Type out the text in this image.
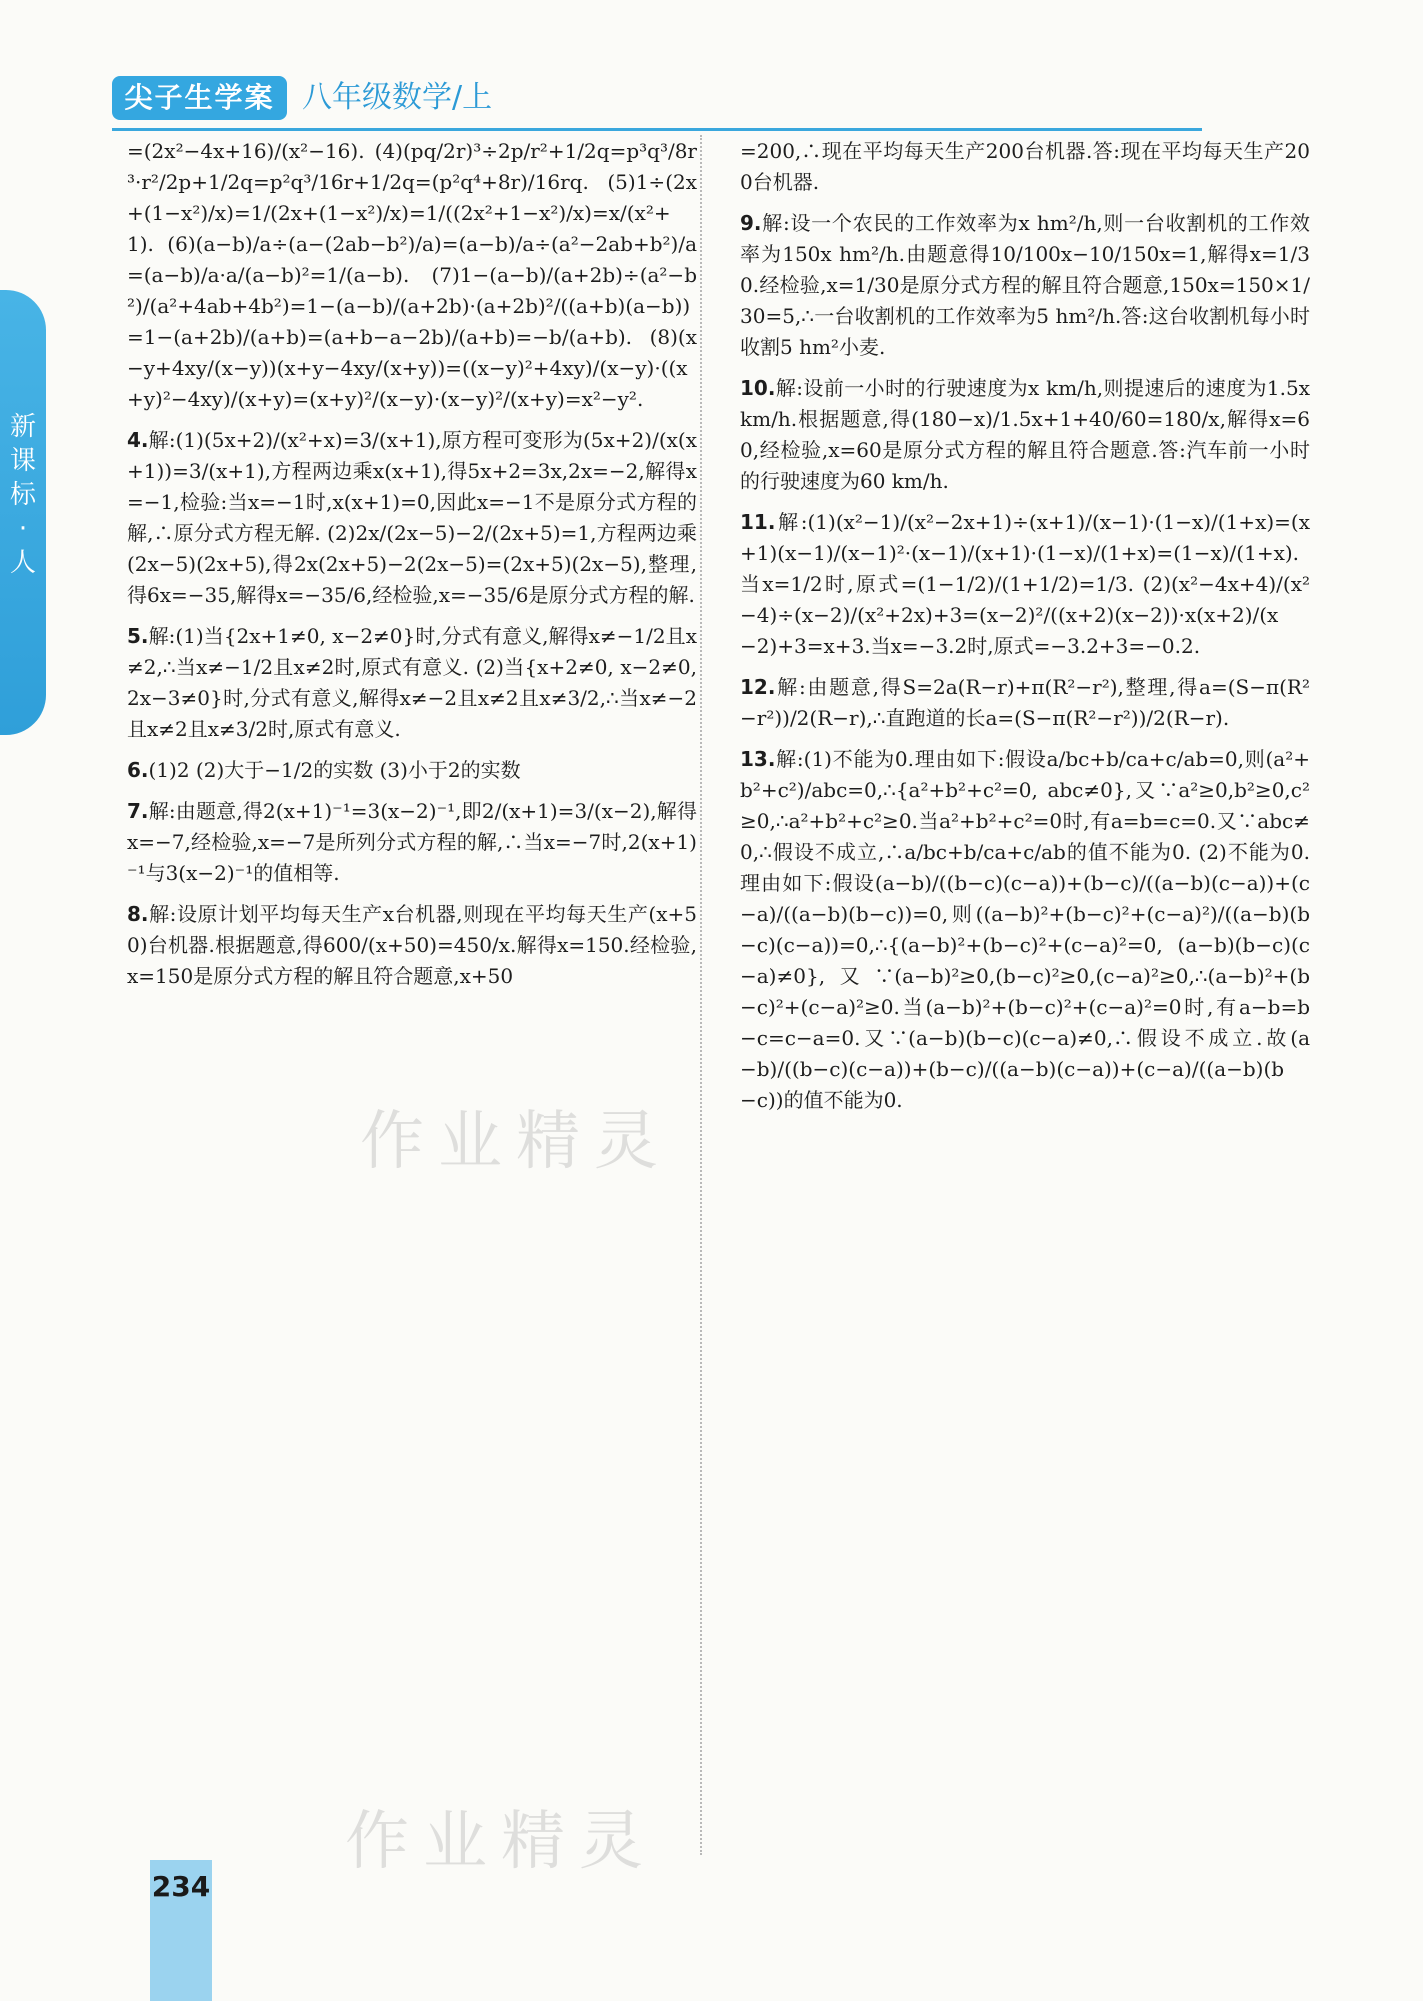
新课标·人
尖子生学案 八年级数学/上

=(2x²−4x+16)/(x²−16). (4)(pq/2r)³÷2p/r²+1/2q=p³q³/8r³·r²/2p+1/2q=p²q³/16r+1/2q=(p²q⁴+8r)/16rq. (5)1÷(2x+(1−x²)/x)=1/(2x+(1−x²)/x)=1/((2x²+1−x²)/x)=x/(x²+1). (6)(a−b)/a÷(a−(2ab−b²)/a)=(a−b)/a÷(a²−2ab+b²)/a=(a−b)/a·a/(a−b)²=1/(a−b). (7)1−(a−b)/(a+2b)÷(a²−b²)/(a²+4ab+4b²)=1−(a−b)/(a+2b)·(a+2b)²/((a+b)(a−b))=1−(a+2b)/(a+b)=(a+b−a−2b)/(a+b)=−b/(a+b). (8)(x−y+4xy/(x−y))(x+y−4xy/(x+y))=((x−y)²+4xy)/(x−y)·((x+y)²−4xy)/(x+y)=(x+y)²/(x−y)·(x−y)²/(x+y)=x²−y².

4.解:(1)(5x+2)/(x²+x)=3/(x+1),原方程可变形为(5x+2)/(x(x+1))=3/(x+1),方程两边乘x(x+1),得5x+2=3x,2x=−2,解得x=−1,检验:当x=−1时,x(x+1)=0,因此x=−1不是原分式方程的解,∴原分式方程无解. (2)2x/(2x−5)−2/(2x+5)=1,方程两边乘(2x−5)(2x+5),得2x(2x+5)−2(2x−5)=(2x+5)(2x−5),整理,得6x=−35,解得x=−35/6,经检验,x=−35/6是原分式方程的解.

5.解:(1)当{2x+1≠0, x−2≠0}时,分式有意义,解得x≠−1/2且x≠2,∴当x≠−1/2且x≠2时,原式有意义. (2)当{x+2≠0, x−2≠0, 2x−3≠0}时,分式有意义,解得x≠−2且x≠2且x≠3/2,∴当x≠−2且x≠2且x≠3/2时,原式有意义.

6.(1)2 (2)大于−1/2的实数 (3)小于2的实数

7.解:由题意,得2(x+1)⁻¹=3(x−2)⁻¹,即2/(x+1)=3/(x−2),解得x=−7,经检验,x=−7是所列分式方程的解,∴当x=−7时,2(x+1)⁻¹与3(x−2)⁻¹的值相等.

8.解:设原计划平均每天生产x台机器,则现在平均每天生产(x+50)台机器.根据题意,得600/(x+50)=450/x.解得x=150.经检验,x=150是原分式方程的解且符合题意,x+50

=200,∴现在平均每天生产200台机器.答:现在平均每天生产200台机器.

9.解:设一个农民的工作效率为x hm²/h,则一台收割机的工作效率为150x hm²/h.由题意得10/100x−10/150x=1,解得x=1/30.经检验,x=1/30是原分式方程的解且符合题意,150x=150×1/30=5,∴一台收割机的工作效率为5 hm²/h.答:这台收割机每小时收割5 hm²小麦.

10.解:设前一小时的行驶速度为x km/h,则提速后的速度为1.5x km/h.根据题意,得(180−x)/1.5x+1+40/60=180/x,解得x=60,经检验,x=60是原分式方程的解且符合题意.答:汽车前一小时的行驶速度为60 km/h.

11.解:(1)(x²−1)/(x²−2x+1)÷(x+1)/(x−1)·(1−x)/(1+x)=(x+1)(x−1)/(x−1)²·(x−1)/(x+1)·(1−x)/(1+x)=(1−x)/(1+x).当x=1/2时,原式=(1−1/2)/(1+1/2)=1/3. (2)(x²−4x+4)/(x²−4)÷(x−2)/(x²+2x)+3=(x−2)²/((x+2)(x−2))·x(x+2)/(x−2)+3=x+3.当x=−3.2时,原式=−3.2+3=−0.2.

12.解:由题意,得S=2a(R−r)+π(R²−r²),整理,得a=(S−π(R²−r²))/2(R−r),∴直跑道的长a=(S−π(R²−r²))/2(R−r).

13.解:(1)不能为0.理由如下:假设a/bc+b/ca+c/ab=0,则(a²+b²+c²)/abc=0,∴{a²+b²+c²=0, abc≠0},又∵a²≥0,b²≥0,c²≥0,∴a²+b²+c²≥0.当a²+b²+c²=0时,有a=b=c=0.又∵abc≠0,∴假设不成立,∴a/bc+b/ca+c/ab的值不能为0. (2)不能为0.理由如下:假设(a−b)/((b−c)(c−a))+(b−c)/((a−b)(c−a))+(c−a)/((a−b)(b−c))=0,则((a−b)²+(b−c)²+(c−a)²)/((a−b)(b−c)(c−a))=0,∴{(a−b)²+(b−c)²+(c−a)²=0, (a−b)(b−c)(c−a)≠0},又∵(a−b)²≥0,(b−c)²≥0,(c−a)²≥0,∴(a−b)²+(b−c)²+(c−a)²≥0.当(a−b)²+(b−c)²+(c−a)²=0时,有a−b=b−c=c−a=0.又∵(a−b)(b−c)(c−a)≠0,∴假设不成立.故(a−b)/((b−c)(c−a))+(b−c)/((a−b)(c−a))+(c−a)/((a−b)(b−c))的值不能为0.

作业精灵
作业精灵
234
